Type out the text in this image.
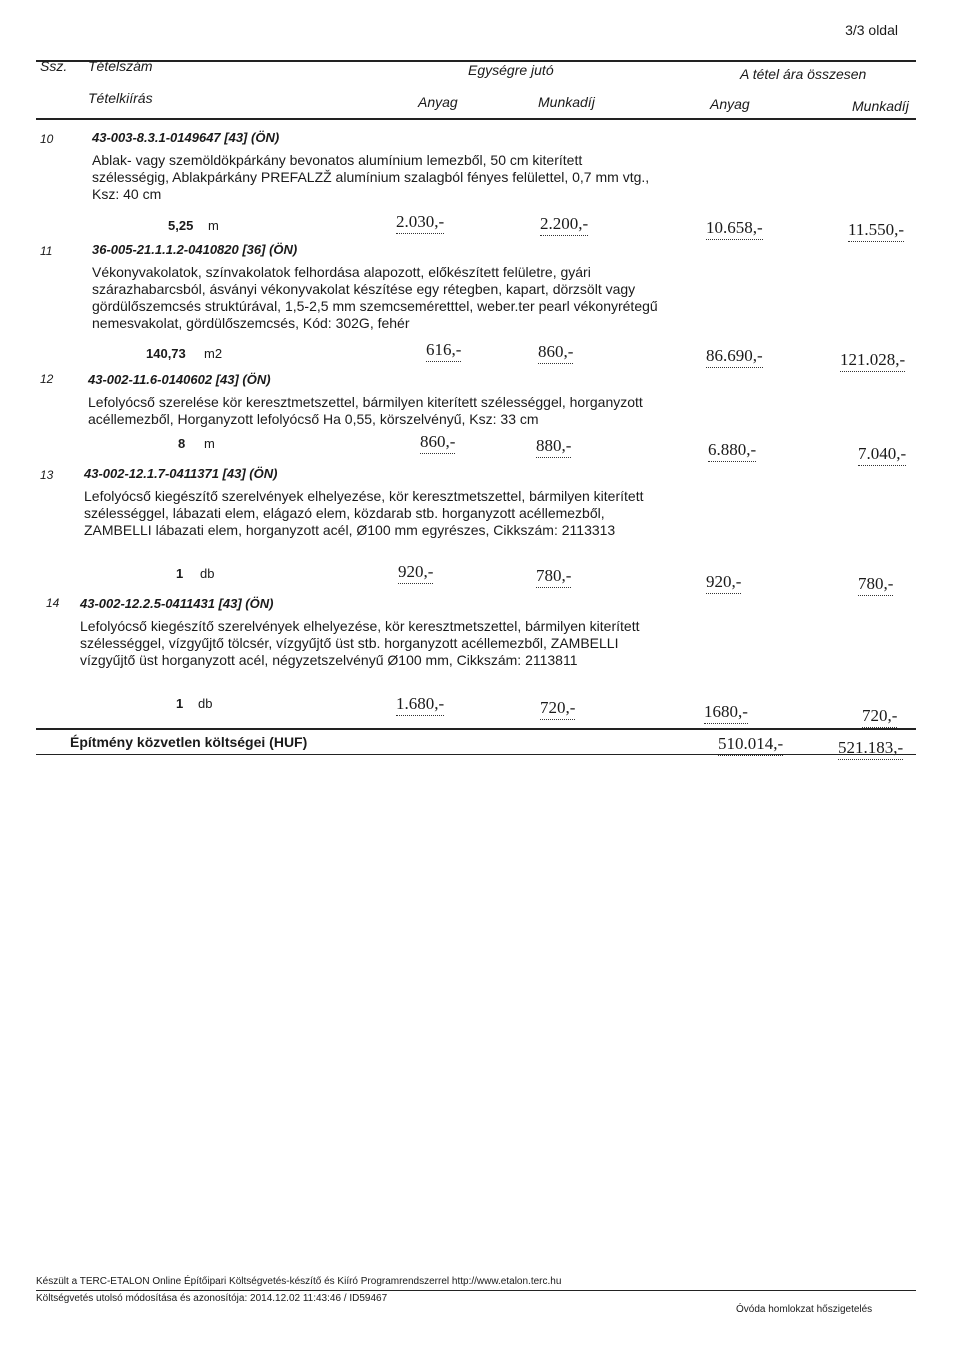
3/3 oldal
Ssz. Tételszám	Egységre jutó	A tétel ára összesen
Tételkiírás	Anyag	Munkadíj	Anyag	Munkadíj
10	43-003-8.3.1-0149647 [43] (ÖN)
Ablak- vagy szemöldökpárkány bevonatos alumínium lemezből, 50 cm kiterített szélességig, Ablakpárkány PREFALZŽ alumínium szalagból fényes felülettel, 0,7 mm vtg., Ksz: 40 cm
5,25 m	2.030,-	2.200,-	10.658,-	11.550,-
11	36-005-21.1.1.2-0410820 [36] (ÖN)
Vékonyvakolatok, színvakolatok felhordása alapozott, előkészített felületre, gyári szárazhabarcsból, ásványi vékonyvakolat készítése egy rétegben, kapart, dörzsölt vagy gördülőszemcsés struktúrával, 1,5-2,5 mm szemcseméretttel, weber.ter pearl vékonyrétegű nemesvakolat, gördülőszemcsés, Kód: 302G, fehér
140,73 m2	616,-	860,-	86.690,-	121.028,-
12	43-002-11.6-0140602 [43] (ÖN)
Lefolyócső szerelése kör keresztmetszettel, bármilyen kiterített szélességgel, horganyzott acéllemezből, Horganyzott lefolyócső Ha 0,55, körszelvényű, Ksz: 33 cm
8 m	860,-	880,-	6.880,-	7.040,-
13 43-002-12.1.7-0411371 [43] (ÖN)
Lefolyócső kiegészítő szerelvények elhelyezése, kör keresztmetszettel, bármilyen kiterített szélességgel, lábazati elem, elágazó elem, közdarab stb. horganyzott acéllemezből, ZAMBELLI lábazati elem, horganyzott acél, Ø100 mm egyrészes, Cikkszám: 2113313
1 db	920,-	780,-	920,-	780,-
14 43-002-12.2.5-0411431 [43] (ÖN)
Lefolyócső kiegészítő szerelvények elhelyezése, kör keresztmetszettel, bármilyen kiterített szélességgel, vízgyűjtő tölcsér, vízgyűjtő üst stb. horganyzott acéllemezből, ZAMBELLI vízgyűjtő üst horganyzott acél, négyzetszelvényű Ø100 mm, Cikkszám: 2113811
1 db	1.680,-	720,-	1680,-	720,-
Építmény közvetlen költségei (HUF)	510.014,-	521.183,-
Készült a TERC-ETALON Online Építőipari Költségvetés-készítő és Kiíró Programrendszerrel http://www.etalon.terc.hu
Költségvetés utolsó módosítása és azonosítója: 2014.12.02 11:43:46 / ID59467
Óvóda homlokzat hőszigetelés
